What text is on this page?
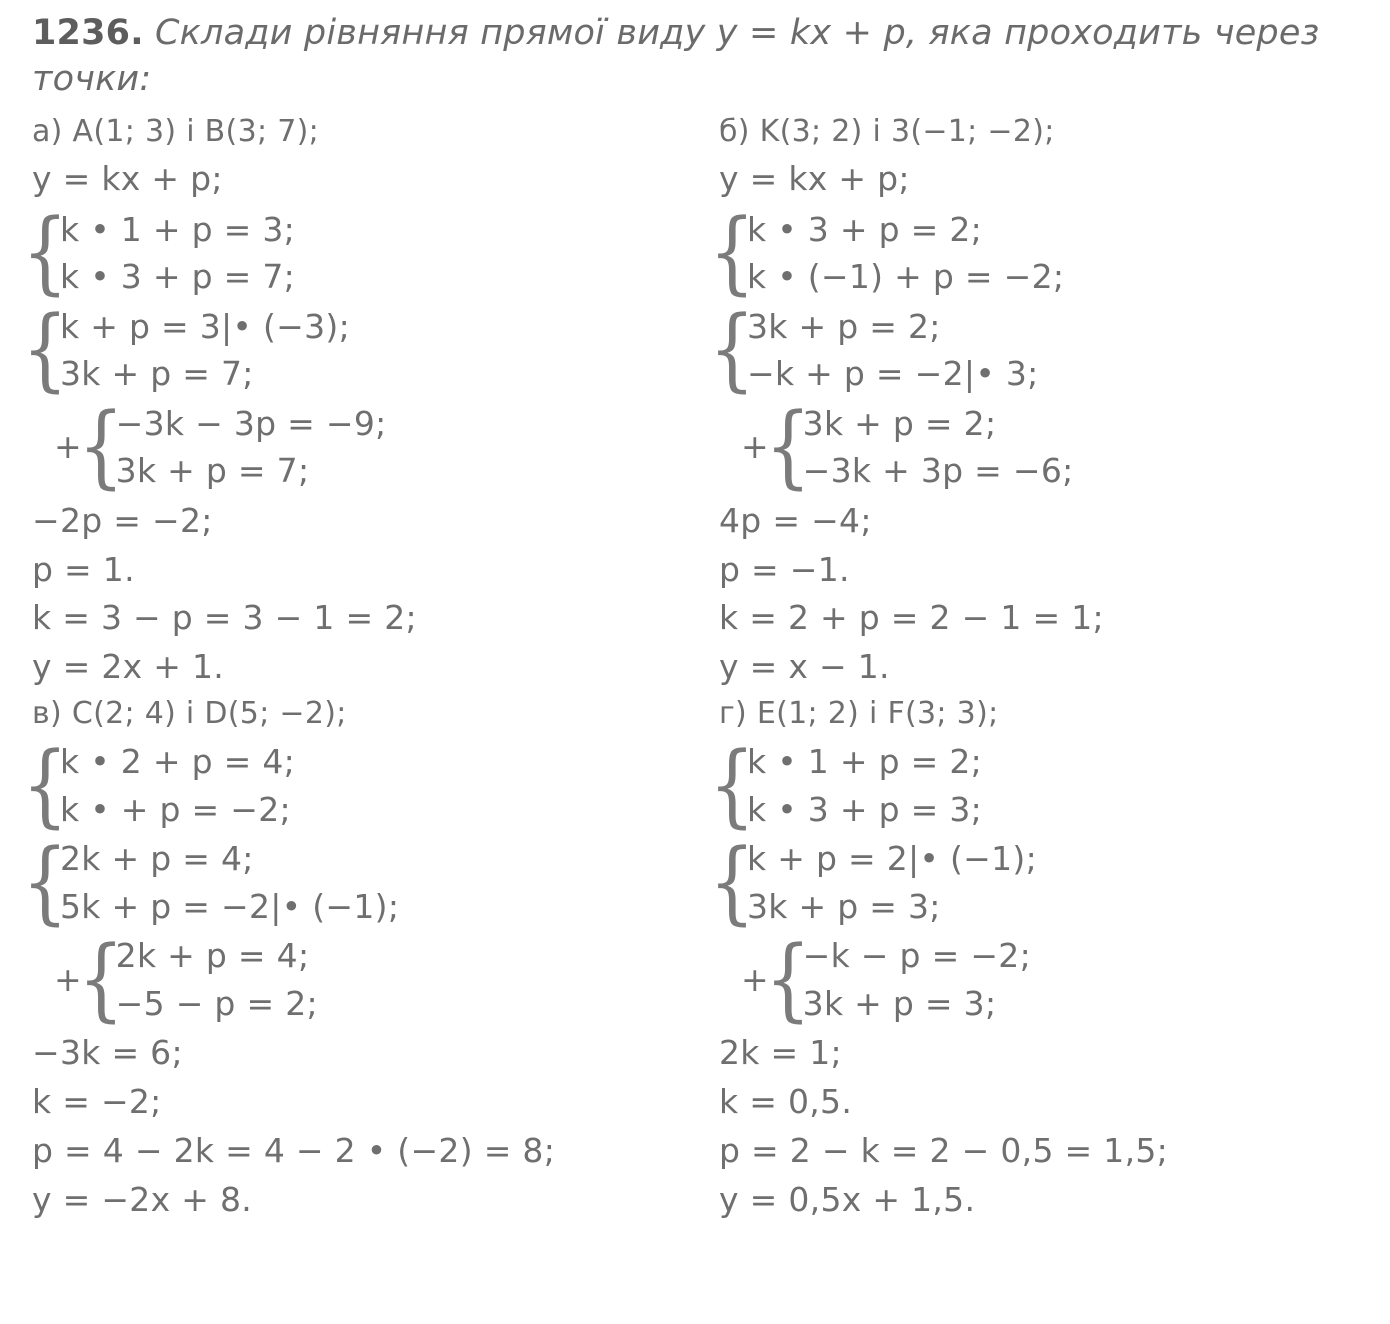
1236. Склади рівняння прямої виду y = kx + p, яка проходить через точки:
а) A(1; 3) і B(3; 7);
y = kx + p;
{
k • 1 + p = 3;
k • 3 + p = 7;
{
k + p = 3|• (−3);
3k + p = 7;
+
{
−3k − 3p = −9;
3k + p = 7;
−2p = −2;
p = 1.
k = 3 − p = 3 − 1 = 2;
y = 2x + 1.
в) C(2; 4) і D(5; −2);
{
k • 2 + p = 4;
k • + p = −2;
{
2k + p = 4;
5k + p = −2|• (−1);
+
{
2k + p = 4;
−5 − p = 2;
−3k = 6;
k = −2;
p = 4 − 2k = 4 − 2 • (−2) = 8;
y = −2x + 8.
б) K(3; 2) і 3(−1; −2);
y = kx + p;
{
k • 3 + p = 2;
k • (−1) + p = −2;
{
3k + p = 2;
−k + p = −2|• 3;
+
{
3k + p = 2;
−3k + 3p = −6;
4p = −4;
p = −1.
k = 2 + p = 2 − 1 = 1;
y = x − 1.
г) E(1; 2) і F(3; 3);
{
k • 1 + p = 2;
k • 3 + p = 3;
{
k + p = 2|• (−1);
3k + p = 3;
+
{
−k − p = −2;
3k + p = 3;
2k = 1;
k = 0,5.
p = 2 − k = 2 − 0,5 = 1,5;
y = 0,5x + 1,5.
